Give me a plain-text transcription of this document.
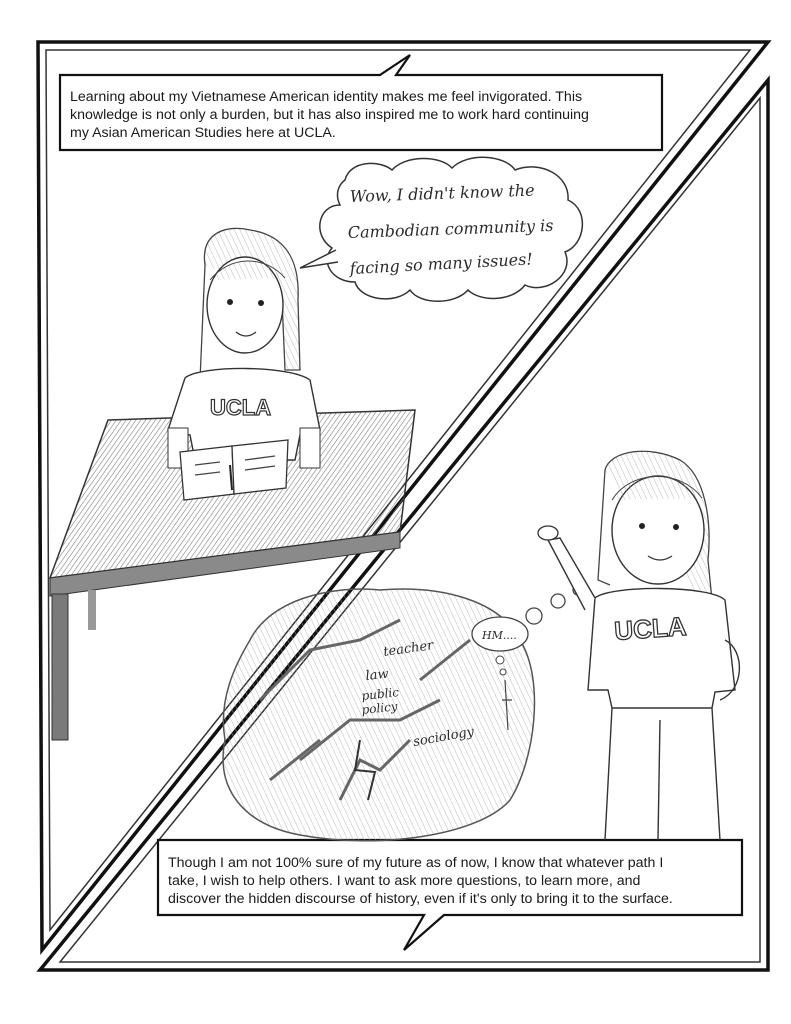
UCLA
Wow, I didn't know the
Cambodian community is
facing so many issues!
HM....
teacher
law
public
policy
sociology
UCLA
Learning about my Vietnamese American identity makes me feel invigorated. This
knowledge is not only a burden, but it has also inspired me to work hard continuing
my Asian American Studies here at UCLA.
Though I am not 100% sure of my future as of now, I know that whatever path I
take, I wish to help others. I want to ask more questions, to learn more, and
discover the hidden discourse of history, even if it's only to bring it to the surface.
